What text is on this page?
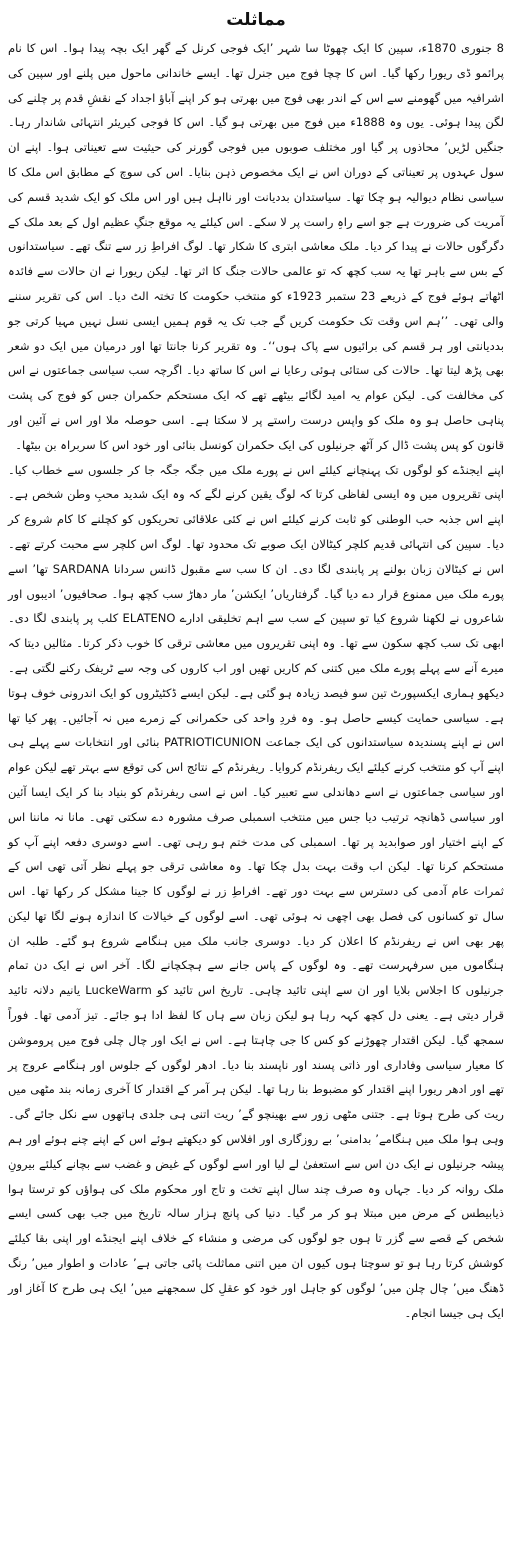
مماثلت

8 جنوری 1870ء، سپین کا ایک چھوٹا سا شہر ’ایک فوجی کرنل کے گھر ایک بچہ پیدا ہوا۔ اس کا نام پرائمو ڈی ریورا رکھا گیا۔ اس کا چچا فوج میں جنرل تھا۔ ایسے خاندانی ماحول میں پلنے اور سپین کی اشرافیہ میں گھومنے سے اس کے اندر بھی فوج میں بھرتی ہو کر اپنے آباؤ اجداد کے نقشِ قدم پر چلنے کی لگن پیدا ہوئی۔ یوں وہ 1888ء میں فوج میں بھرتی ہو گیا۔ اس کا فوجی کیریئر انتہائی شاندار رہا۔ جنگیں لڑیں’ محاذوں پر گیا اور مختلف صوبوں میں فوجی گورنر کی حیثیت سے تعیناتی ہوا۔ اپنے ان سول عہدوں پر تعیناتی کے دوران اس نے ایک مخصوص ذہن بنایا۔ اس کی سوچ کے مطابق اس ملک کا سیاسی نظام دیوالیہ ہو چکا تھا۔ سیاستدان بددیانت اور نااہل ہیں اور اس ملک کو ایک شدید قسم کی آمریت کی ضرورت ہے جو اسے راہِ راست پر لا سکے۔ اس کیلئے یہ موقع جنگِ عظیم اول کے بعد ملک کے دگرگوں حالات نے پیدا کر دیا۔ ملک معاشی ابتری کا شکار تھا۔ لوگ افراطِ زر سے تنگ تھے۔ سیاستدانوں کے بس سے باہر تھا یہ سب کچھ کہ تو عالمی حالات جنگ کا اثر تھا۔ لیکن ریورا نے ان حالات سے فائدہ اٹھاتے ہوئے فوج کے ذریعے 23 ستمبر 1923ء کو منتخب حکومت کا تختہ الٹ دیا۔ اس کی تقریر سننے والی تھی۔ ’’ہم اس وقت تک حکومت کریں گے جب تک یہ قوم ہمیں ایسی نسل نہیں مہیا کرتی جو بددیانتی اور ہر قسم کی برائیوں سے پاک ہوں‘‘۔ وہ تقریر کرنا جانتا تھا اور درمیان میں ایک دو شعر بھی پڑھ لیتا تھا۔ حالات کی ستائی ہوئی رعایا نے اس کا ساتھ دیا۔ اگرچہ سب سیاسی جماعتوں نے اس کی مخالفت کی۔ لیکن عوام یہ امید لگائے بیٹھے تھے کہ ایک مستحکم حکمران جس کو فوج کی پشت پناہی حاصل ہو وہ ملک کو واپس درست راستے پر لا سکتا ہے۔ اسی حوصلہ ملا اور اس نے آئین اور قانون کو پس پشت ڈال کر آٹھ جرنیلوں کی ایک حکمران کونسل بنائی اور خود اس کا سربراہ بن بیٹھا۔

اپنے ایجنڈے کو لوگوں تک پہنچانے کیلئے اس نے پورے ملک میں جگہ جگہ جا کر جلسوں سے خطاب کیا۔ اپنی تقریروں میں وہ ایسی لفاظی کرتا کہ لوگ یقین کرنے لگے کہ وہ ایک شدید محبِ وطن شخص ہے۔ اپنے اس جذبہ حب الوطنی کو ثابت کرنے کیلئے اس نے کئی علاقائی تحریکوں کو کچلنے کا کام شروع کر دیا۔ سپین کی انتہائی قدیم کلچر کیٹالان ایک صوبے تک محدود تھا۔ لوگ اس کلچر سے محبت کرتے تھے۔ اس نے کیٹالان زبان بولنے پر پابندی لگا دی۔ ان کا سب سے مقبول ڈانس سردانا SARDANA تھا’ اسے پورے ملک میں ممنوع قرار دے دیا گیا۔ گرفتاریاں’ ایکشن’ مار دھاڑ سب کچھ ہوا۔ صحافیوں’ ادیبوں اور شاعروں نے لکھنا شروع کیا تو سپین کے سب سے اہم تخلیقی ادارے ELATENO کلب پر پابندی لگا دی۔ ابھی تک سب کچھ سکون سے تھا۔ وہ اپنی تقریروں میں معاشی ترقی کا خوب ذکر کرتا۔ مثالیں دیتا کہ میرے آنے سے پہلے پورے ملک میں کتنی کم کاریں تھیں اور اب کاروں کی وجہ سے ٹریفک رکنے لگتی ہے۔ دیکھو ہماری ایکسپورٹ تین سو فیصد زیادہ ہو گئی ہے۔ لیکن ایسے ڈکٹیٹروں کو ایک اندرونی خوف ہوتا ہے۔ سیاسی حمایت کیسے حاصل ہو۔ وہ فردِ واحد کی حکمرانی کے زمرے میں نہ آجائیں۔ پھر کیا تھا اس نے اپنے پسندیدہ سیاستدانوں کی ایک جماعت PATRIOTICUNION بنائی اور انتخابات سے پہلے ہی اپنے آپ کو منتخب کرنے کیلئے ایک ریفرنڈم کروایا۔ ریفرنڈم کے نتائج اس کی توقع سے بہتر تھے لیکن عوام اور سیاسی جماعتوں نے اسے دھاندلی سے تعبیر کیا۔ اس نے اسی ریفرنڈم کو بنیاد بنا کر ایک ایسا آئین اور سیاسی ڈھانچہ ترتیب دیا جس میں منتخب اسمبلی صرف مشورہ دے سکتی تھی۔ مانا نہ ماننا اس کے اپنے اختیار اور صوابدید پر تھا۔ اسمبلی کی مدت ختم ہو رہی تھی۔ اسے دوسری دفعہ اپنے آپ کو مستحکم کرنا تھا۔ لیکن اب وقت بہت بدل چکا تھا۔ وہ معاشی ترقی جو پہلے نظر آتی تھی اس کے ثمرات عام آدمی کی دسترس سے بہت دور تھے۔ افراطِ زر نے لوگوں کا جینا مشکل کر رکھا تھا۔ اس سال تو کسانوں کی فصل بھی اچھی نہ ہوئی تھی۔ اسے لوگوں کے خیالات کا اندازہ ہونے لگا تھا لیکن پھر بھی اس نے ریفرنڈم کا اعلان کر دیا۔ دوسری جانب ملک میں ہنگامے شروع ہو گئے۔ طلبہ ان ہنگاموں میں سرفہرست تھے۔ وہ لوگوں کے پاس جانے سے ہچکچانے لگا۔ آخر اس نے ایک دن تمام جرنیلوں کا اجلاس بلایا اور ان سے اپنی تائید چاہی۔ تاریخ اس تائید کو LuckeWarm یانیم دلانہ تائید قرار دیتی ہے۔ یعنی دل کچھ کہہ رہا ہو لیکن زبان سے ہاں کا لفظ ادا ہو جائے۔ تیز آدمی تھا۔ فوراً سمجھ گیا۔ لیکن اقتدار چھوڑنے کو کس کا جی چاہتا ہے۔ اس نے ایک اور چال چلی فوج میں پروموشن کا معیار سیاسی وفاداری اور ذاتی پسند اور ناپسند بنا دیا۔ ادھر لوگوں کے جلوس اور ہنگامے عروج پر تھے اور ادھر ریورا اپنے اقتدار کو مضبوط بنا رہا تھا۔ لیکن ہر آمر کے اقتدار کا آخری زمانہ بند مٹھی میں ریت کی طرح ہوتا ہے۔ جتنی مٹھی زور سے بھینچو گے’ ریت اتنی ہی جلدی ہاتھوں سے نکل جائے گی۔ وہی ہوا ملک میں ہنگامے’ بدامنی’ بے روزگاری اور افلاس کو دیکھتے ہوئے اس کے اپنے چنے ہوئے اور ہم پیشہ جرنیلوں نے ایک دن اس سے استعفیٰ لے لیا اور اسے لوگوں کے غیض و غضب سے بچانے کیلئے بیرونِ ملک روانہ کر دیا۔ جہاں وہ صرف چند سال اپنے تخت و تاج اور محکوم ملک کی ہواؤں کو ترستا ہوا ذیابیطس کے مرض میں مبتلا ہو کر مر گیا۔ دنیا کی پانچ ہزار سالہ تاریخ میں جب بھی کسی ایسے شخص کے قصے سے گزر تا ہوں جو لوگوں کی مرضی و منشاء کے خلاف اپنے ایجنڈے اور اپنی بقا کیلئے کوشش کرتا رہا ہو تو سوچتا ہوں کیوں ان میں اتنی مماثلت پائی جاتی ہے’ عادات و اطوار میں’ رنگ ڈھنگ میں’ چال چلن میں’ لوگوں کو جاہل اور خود کو عقلِ کل سمجھنے میں’ ایک ہی طرح کا آغاز اور ایک ہی جیسا انجام۔
